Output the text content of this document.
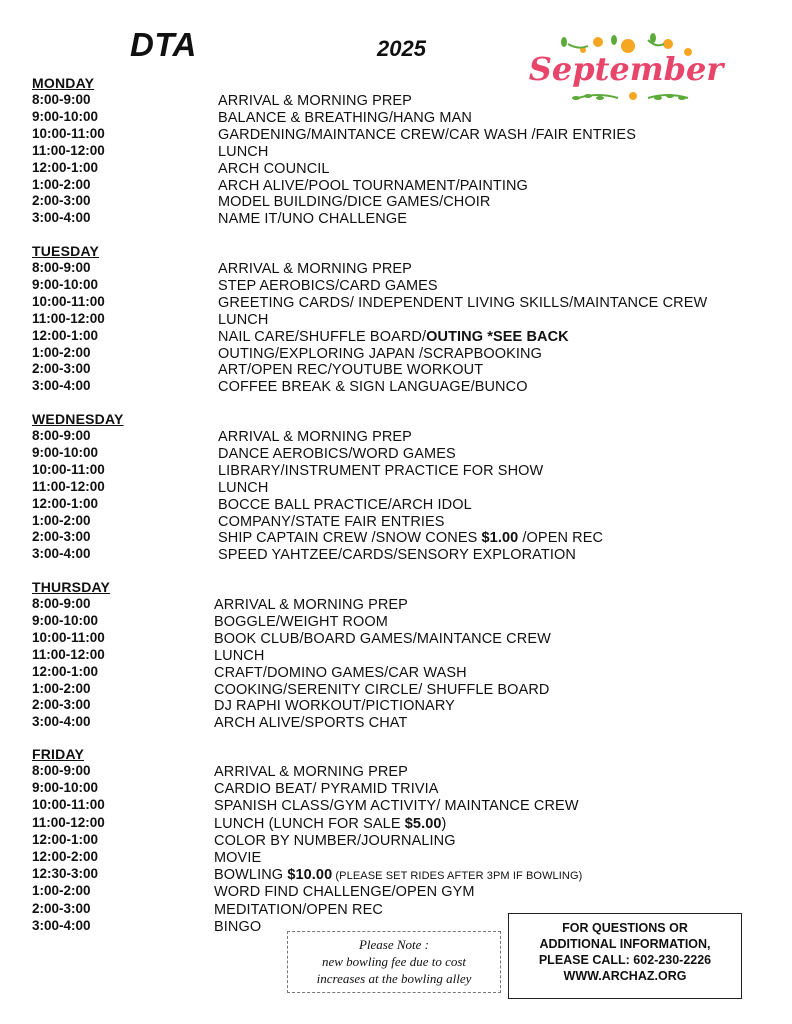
DTA	2025
September
MONDAY
8:00-9:00	ARRIVAL & MORNING PREP
9:00-10:00	BALANCE & BREATHING/HANG MAN
10:00-11:00	GARDENING/MAINTANCE CREW/CAR WASH /FAIR ENTRIES
11:00-12:00	LUNCH
12:00-1:00	ARCH COUNCIL
1:00-2:00	ARCH ALIVE/POOL TOURNAMENT/PAINTING
2:00-3:00	MODEL BUILDING/DICE GAMES/CHOIR
3:00-4:00	NAME IT/UNO CHALLENGE
TUESDAY
8:00-9:00	ARRIVAL & MORNING PREP
9:00-10:00	STEP AEROBICS/CARD GAMES
10:00-11:00	GREETING CARDS/ INDEPENDENT LIVING SKILLS/MAINTANCE CREW
11:00-12:00	LUNCH
12:00-1:00	NAIL CARE/SHUFFLE BOARD/OUTING *SEE BACK
1:00-2:00	OUTING/EXPLORING JAPAN /SCRAPBOOKING
2:00-3:00	ART/OPEN REC/YOUTUBE WORKOUT
3:00-4:00	COFFEE BREAK & SIGN LANGUAGE/BUNCO
WEDNESDAY
8:00-9:00	ARRIVAL & MORNING PREP
9:00-10:00	DANCE AEROBICS/WORD GAMES
10:00-11:00	LIBRARY/INSTRUMENT PRACTICE FOR SHOW
11:00-12:00	LUNCH
12:00-1:00	BOCCE BALL PRACTICE/ARCH IDOL
1:00-2:00	COMPANY/STATE FAIR ENTRIES
2:00-3:00	SHIP CAPTAIN CREW /SNOW CONES $1.00 /OPEN REC
3:00-4:00	SPEED YAHTZEE/CARDS/SENSORY EXPLORATION
THURSDAY
8:00-9:00	ARRIVAL & MORNING PREP
9:00-10:00	BOGGLE/WEIGHT ROOM
10:00-11:00	BOOK CLUB/BOARD GAMES/MAINTANCE CREW
11:00-12:00	LUNCH
12:00-1:00	CRAFT/DOMINO GAMES/CAR WASH
1:00-2:00	COOKING/SERENITY CIRCLE/ SHUFFLE BOARD
2:00-3:00	DJ RAPHI WORKOUT/PICTIONARY
3:00-4:00	ARCH ALIVE/SPORTS CHAT
FRIDAY
8:00-9:00	ARRIVAL & MORNING PREP
9:00-10:00	CARDIO BEAT/ PYRAMID TRIVIA
10:00-11:00	SPANISH CLASS/GYM ACTIVITY/ MAINTANCE CREW
11:00-12:00	LUNCH (LUNCH FOR SALE $5.00)
12:00-1:00	COLOR BY NUMBER/JOURNALING
12:00-2:00	MOVIE
12:30-3:00	BOWLING $10.00 (PLEASE SET RIDES AFTER 3PM IF BOWLING)
1:00-2:00	WORD FIND CHALLENGE/OPEN GYM
2:00-3:00	MEDITATION/OPEN REC
3:00-4:00	BINGO
Please Note :
new bowling fee due to cost
increases at the bowling alley
FOR QUESTIONS OR
ADDITIONAL INFORMATION,
PLEASE CALL: 602-230-2226
WWW.ARCHAZ.ORG
